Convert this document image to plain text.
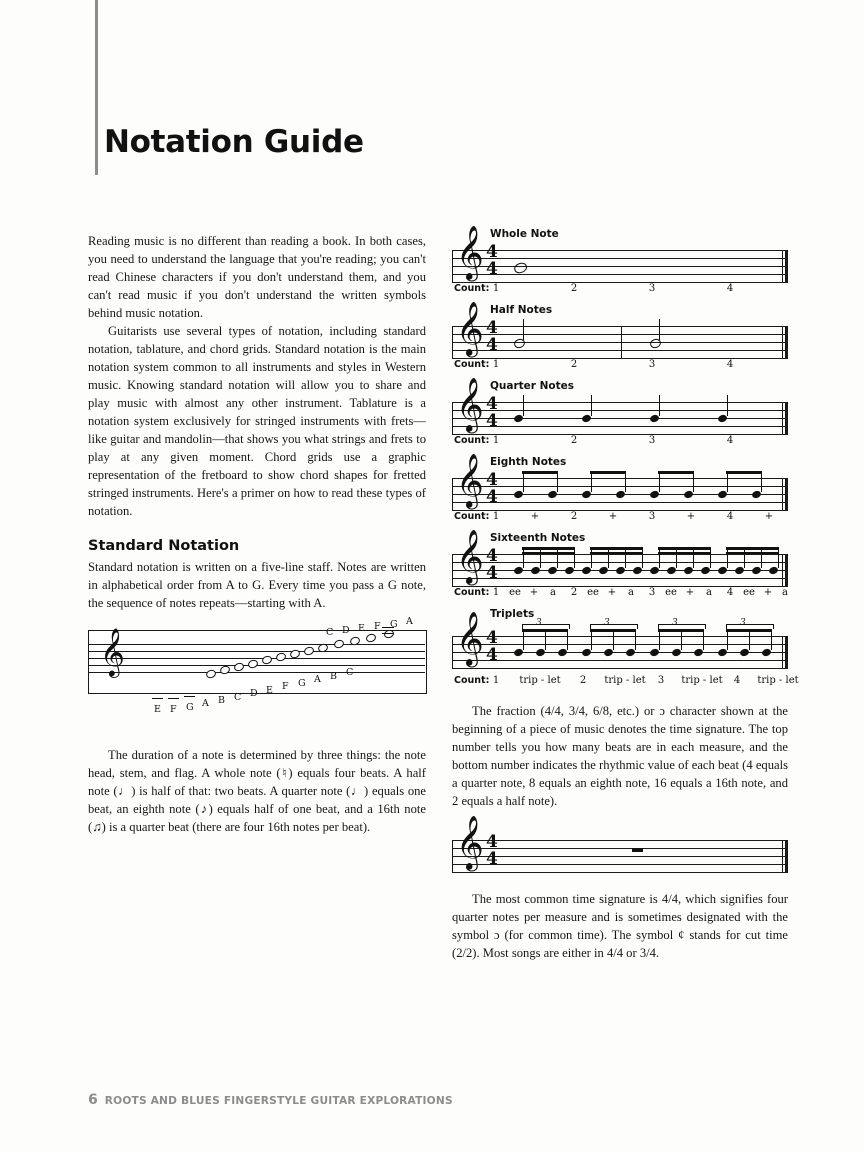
Notation Guide

Reading music is no different than reading a book. In both cases, you need to understand the language that you're reading; you can't read Chinese characters if you don't understand them, and you can't read music if you don't understand the written symbols behind music notation.

Guitarists use several types of notation, including standard notation, tablature, and chord grids. Standard notation is the main notation system common to all instruments and styles in Western music. Knowing standard notation will allow you to share and play music with almost any other instrument. Tablature is a notation system exclusively for stringed instruments with frets—like guitar and mandolin—that shows you what strings and frets to play at any given moment. Chord grids use a graphic representation of the fretboard to show chord shapes for fretted stringed instruments. Here's a primer on how to read these types of notation.

Standard Notation

Standard notation is written on a five-line staff. Notes are written in alphabetical order from A to G. Every time you pass a G note, the sequence of notes repeats—starting with A.

𝄞	C D E F G A
E F G A B C D E F G A B C

The duration of a note is determined by three things: the note head, stem, and flag. A whole note (♮) equals four beats. A half note (♩) is half of that: two beats. A quarter note (♩) equals one beat, an eighth note (♪) equals half of one beat, and a 16th note (♫) is a quarter beat (there are four 16th notes per beat).

Whole Note
𝄞 4
4
Count: 1	2	3	4
Half Notes
𝄞 4
4
Count: 1	2	3	4
Quarter Notes
𝄞 4
4
Count: 1	2	3	4
Eighth Notes
𝄞 4
4
Count: 1	+	2	+	3	+	4	+
Sixteenth Notes
𝄞 4
4
Count: 1 ee + a 2 ee + a 3 ee + a 4 ee + a
Triplets
3	3	3	3
𝄞 4
4
Count: 1 trip - let 2 trip - let 3 trip - let 4 trip - let

The fraction (4/4, 3/4, 6/8, etc.) or ɔ character shown at the beginning of a piece of music denotes the time signature. The top number tells you how many beats are in each measure, and the bottom number indicates the rhythmic value of each beat (4 equals a quarter note, 8 equals an eighth note, 16 equals a 16th note, and 2 equals a half note).

𝄞 4
4

The most common time signature is 4/4, which signifies four quarter notes per measure and is sometimes designated with the symbol ɔ (for common time). The symbol ¢ stands for cut time (2/2). Most songs are either in 4/4 or 3/4.

6 ROOTS AND BLUES FINGERSTYLE GUITAR EXPLORATIONS
